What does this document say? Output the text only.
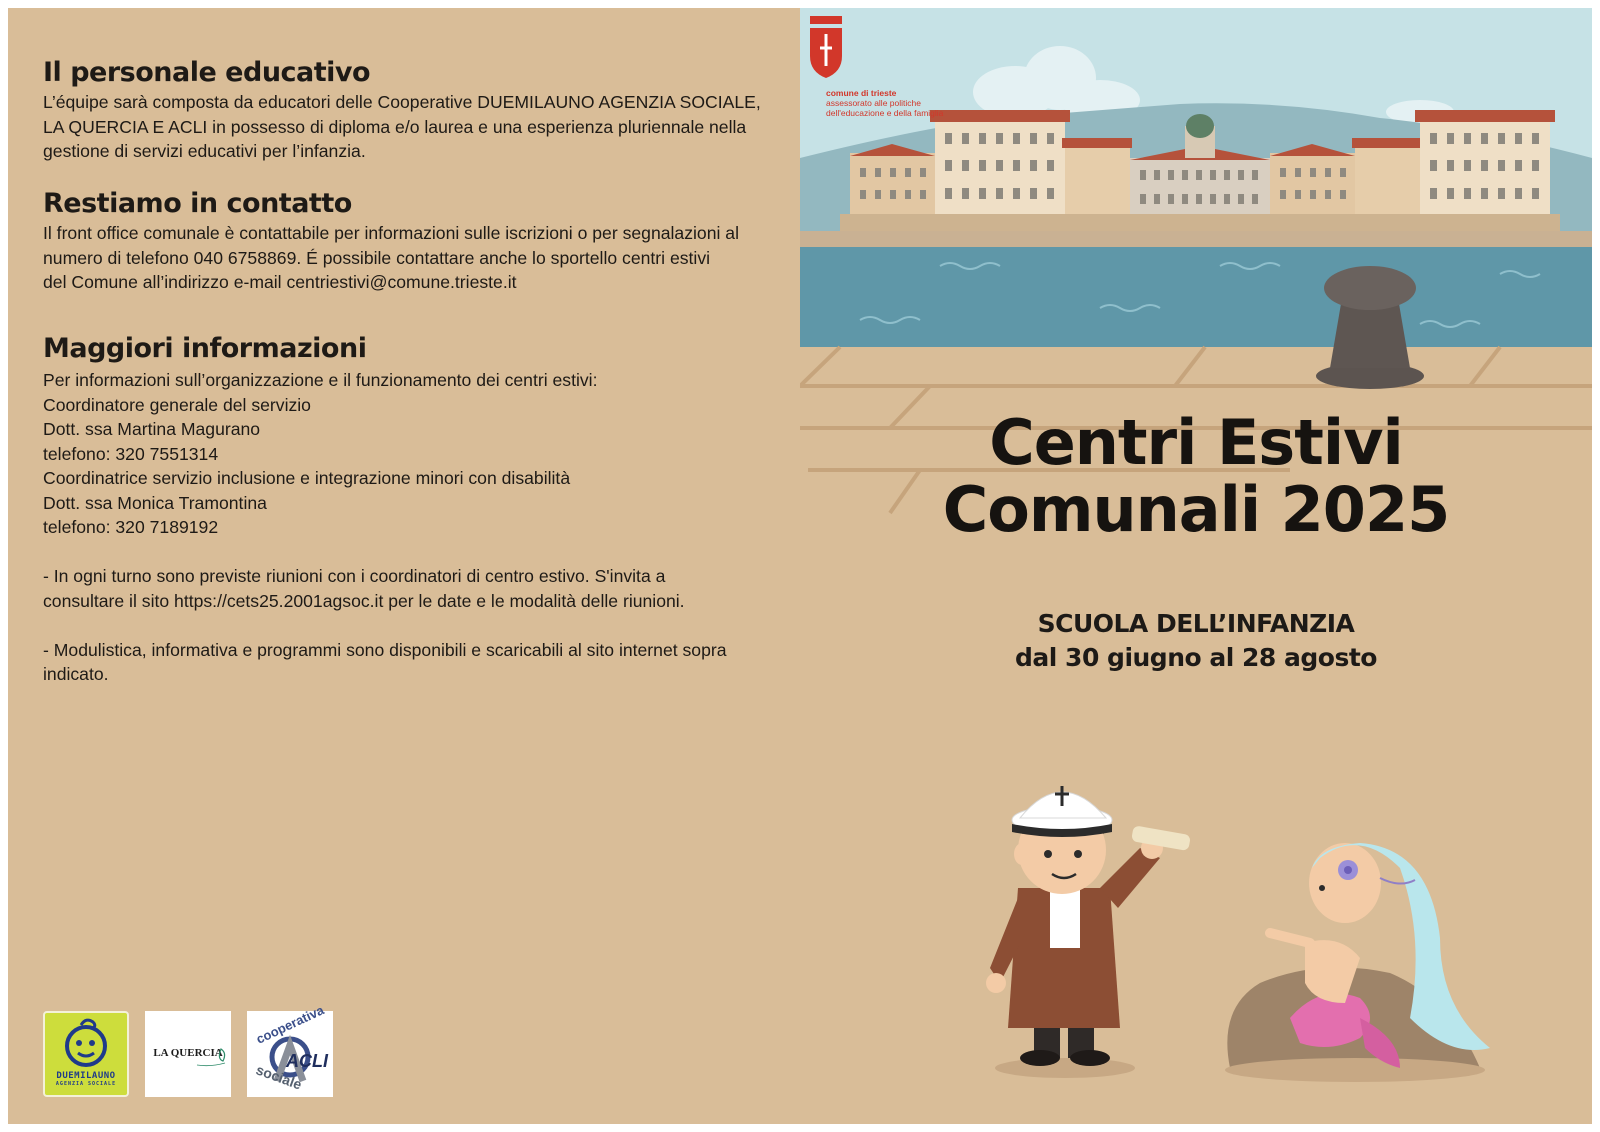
Il personale educativo

L’équipe sarà composta da educatori delle Cooperative DUEMILAUNO AGENZIA SOCIALE,
LA QUERCIA E ACLI in possesso di diploma e/o laurea e una esperienza pluriennale nella
gestione di servizi educativi per l’infanzia.

Restiamo in contatto

Il front office comunale è contattabile per informazioni sulle iscrizioni o per segnalazioni al
numero di telefono 040 6758869. É possibile contattare anche lo sportello centri estivi
del Comune all’indirizzo e-mail centriestivi@comune.trieste.it

Maggiori informazioni

Per informazioni sull’organizzazione e il funzionamento dei centri estivi:
Coordinatore generale del servizio
Dott. ssa Martina Magurano
telefono: 320 7551314
Coordinatrice servizio inclusione e integrazione minori con disabilità
Dott. ssa Monica Tramontina
telefono: 320 7189192
- In ogni turno sono previste riunioni con i coordinatori di centro estivo. S'invita a
consultare il sito https://cets25.2001agsoc.it per le date e le modalità delle riunioni.
- Modulistica, informativa e programmi sono disponibili e scaricabili al sito internet sopra
indicato.

DUEMILAUNO
AGENZIA SOCIALE
LA QUERCIA
cooperativa
ACLI
sociale
comune di trieste
assessorato alle politiche
dell'educazione e della famiglia
Centri Estivi
Comunali 2025
SCUOLA DELL’INFANZIA
dal 30 giugno al 28 agosto
